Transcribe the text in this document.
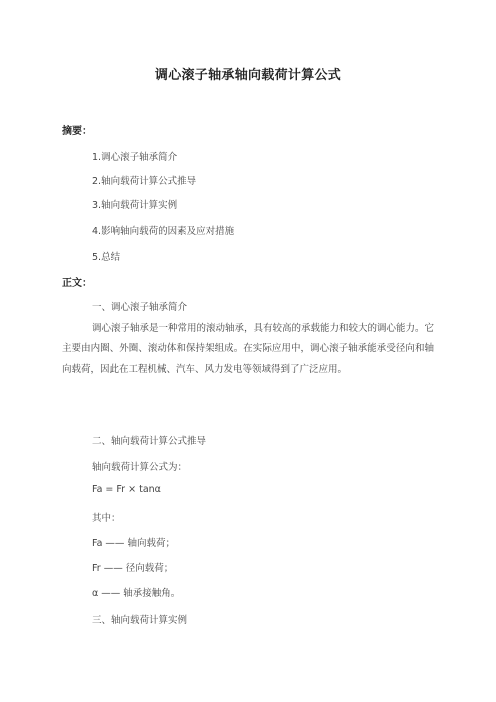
调心滚子轴承轴向载荷计算公式
摘要：
1.调心滚子轴承简介
2.轴向载荷计算公式推导
3.轴向载荷计算实例
4.影响轴向载荷的因素及应对措施
5.总结
正文：
一、调心滚子轴承简介
调心滚子轴承是一种常用的滚动轴承，具有较高的承载能力和较大的调心能力。它主要由内圈、外圈、滚动体和保持架组成。在实际应用中，调心滚子轴承能承受径向和轴向载荷，因此在工程机械、汽车、风力发电等领域得到了广泛应用。
二、轴向载荷计算公式推导
轴向载荷计算公式为：
Fa = Fr × tanα
其中：
Fa —— 轴向载荷；
Fr —— 径向载荷；
α —— 轴承接触角。
三、轴向载荷计算实例
